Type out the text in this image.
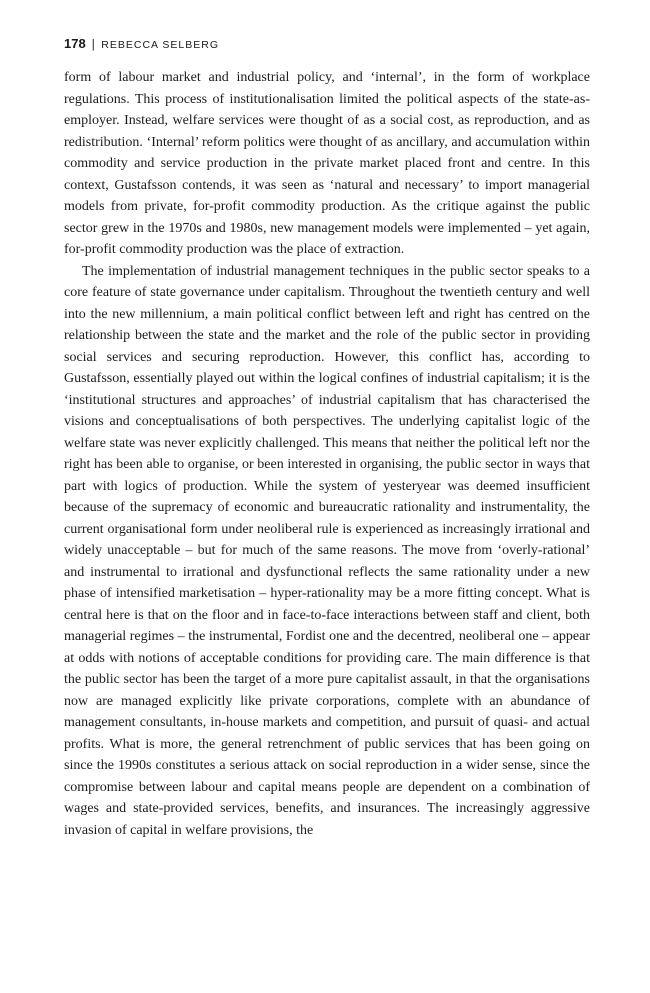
178 | REBECCA SELBERG

form of labour market and industrial policy, and ‘internal’, in the form of workplace regulations. This process of institutionalisation limited the political aspects of the state-as-employer. Instead, welfare services were thought of as a social cost, as reproduction, and as redistribution. ‘Internal’ reform politics were thought of as ancillary, and accumulation within commodity and service production in the private market placed front and centre. In this context, Gustafsson contends, it was seen as ‘natural and necessary’ to import managerial models from private, for-profit commodity production. As the critique against the public sector grew in the 1970s and 1980s, new management models were implemented – yet again, for-profit commodity production was the place of extraction.

The implementation of industrial management techniques in the public sector speaks to a core feature of state governance under capitalism. Throughout the twentieth century and well into the new millennium, a main political conflict between left and right has centred on the relationship between the state and the market and the role of the public sector in providing social services and securing reproduction. However, this conflict has, according to Gustafsson, essentially played out within the logical confines of industrial capitalism; it is the ‘institutional structures and approaches’ of industrial capitalism that has characterised the visions and conceptualisations of both perspectives. The underlying capitalist logic of the welfare state was never explicitly challenged. This means that neither the political left nor the right has been able to organise, or been interested in organising, the public sector in ways that part with logics of production. While the system of yesteryear was deemed insufficient because of the supremacy of economic and bureaucratic rationality and instrumentality, the current organisational form under neoliberal rule is experienced as increasingly irrational and widely unacceptable – but for much of the same reasons. The move from ‘overly-rational’ and instrumental to irrational and dysfunctional reflects the same rationality under a new phase of intensified marketisation – hyper-rationality may be a more fitting concept. What is central here is that on the floor and in face-to-face interactions between staff and client, both managerial regimes – the instrumental, Fordist one and the decentred, neoliberal one – appear at odds with notions of acceptable conditions for providing care. The main difference is that the public sector has been the target of a more pure capitalist assault, in that the organisations now are managed explicitly like private corporations, complete with an abundance of management consultants, in-house markets and competition, and pursuit of quasi- and actual profits. What is more, the general retrenchment of public services that has been going on since the 1990s constitutes a serious attack on social reproduction in a wider sense, since the compromise between labour and capital means people are dependent on a combination of wages and state-provided services, benefits, and insurances. The increasingly aggressive invasion of capital in welfare provisions, the
